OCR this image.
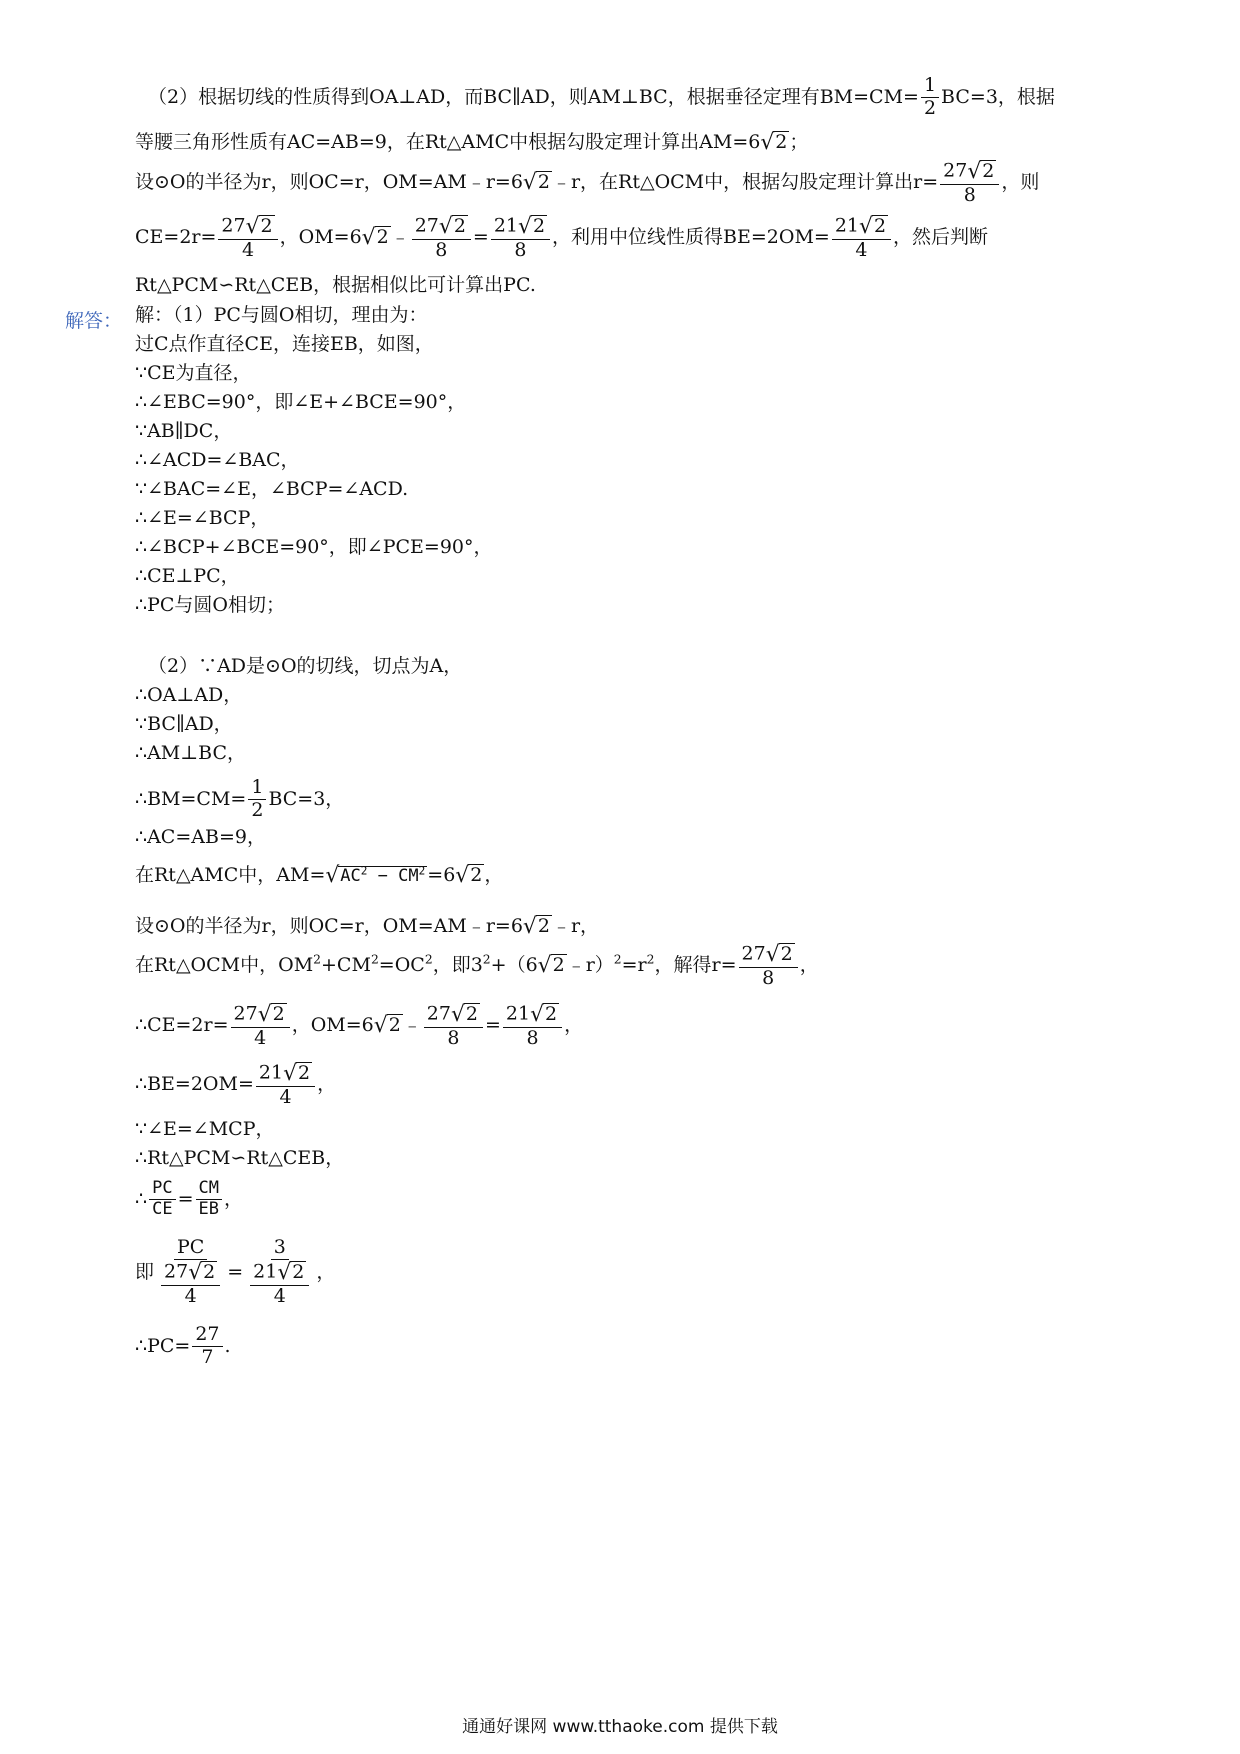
（2）根据切线的性质得到OA⊥AD，而BC∥AD，则AM⊥BC，根据垂径定理有$BM=CM= \frac{1}{2} BC=3$，根据
等腰三角形性质有AC=AB=9，在Rt△AMC中根据勾股定理计算出AM=6 √ 2 ；
设⊙O的半径为r，则OC=r，OM=AM﹣r=6 √ 2 ﹣r，在Rt△OCM中，根据勾股定理计算出$r= \frac{27 √ 2}{8}$ ，则
$CE=2r= \frac{27 √ 2}{4}$ ，OM=6 √ 2 ﹣ $\frac{27 √ 2}{8} = \frac{21 √ 2}{8}$ ，利用中位线性质得$BE=2OM= \frac{21 √ 2}{4}$ ，然后判断
Rt△PCM∽Rt△CEB，根据相似比可计算出PC.
解答： 解：（1）PC与圆O相切，理由为：
过C点作直径CE，连接EB，如图，
∵CE为直径，
∴∠EBC=90°，即∠E+∠BCE=90°，
∵AB∥DC，
∴∠ACD=∠BAC，
∵∠BAC=∠E，∠BCP=∠ACD.
∴∠E=∠BCP，
∴∠BCP+∠BCE=90°，即∠PCE=90°，
∴CE⊥PC，
∴PC与圆O相切；
（2）∵AD是⊙O的切线，切点为A，
∴OA⊥AD，
∵BC∥AD，
∴AM⊥BC，
∴BM=CM= $\frac{1}{2} BC=3$，
∴AC=AB=9，
在Rt△AMC中，AM= √ $AC^2 - CM^2 =6$ √ 2 ，
设⊙O的半径为r，则OC=r，OM=AM﹣r=6 √ 2 ﹣r，
在Rt△OCM中，$OM^2+CM^2=OC^2$，即$3^2+(6$ √ 2 $﹣r)^2=r^2$，解得$r= \frac{27 √ 2}{8}$ ，
∴CE=2r= $\frac{27 √ 2}{4}$ ，OM=6 √ 2 ﹣ $\frac{27 √ 2}{8} = \frac{21 √ 2}{8}$ ，
∴BE=2OM= $\frac{21 √ 2}{4}$ ，
∵∠E=∠MCP，
∴Rt△PCM∽Rt△CEB，
∴ $\frac{PC}{CE} = \frac{CM}{EB}$ ，
即 $\frac{PC}{\frac{27 √ 2}{4}} = \frac{3}{\frac{21 √ 2}{4}}$ ，
∴PC= $\frac{27}{7}$ .
通通好课网 www.tthaoke.com 提供下载
